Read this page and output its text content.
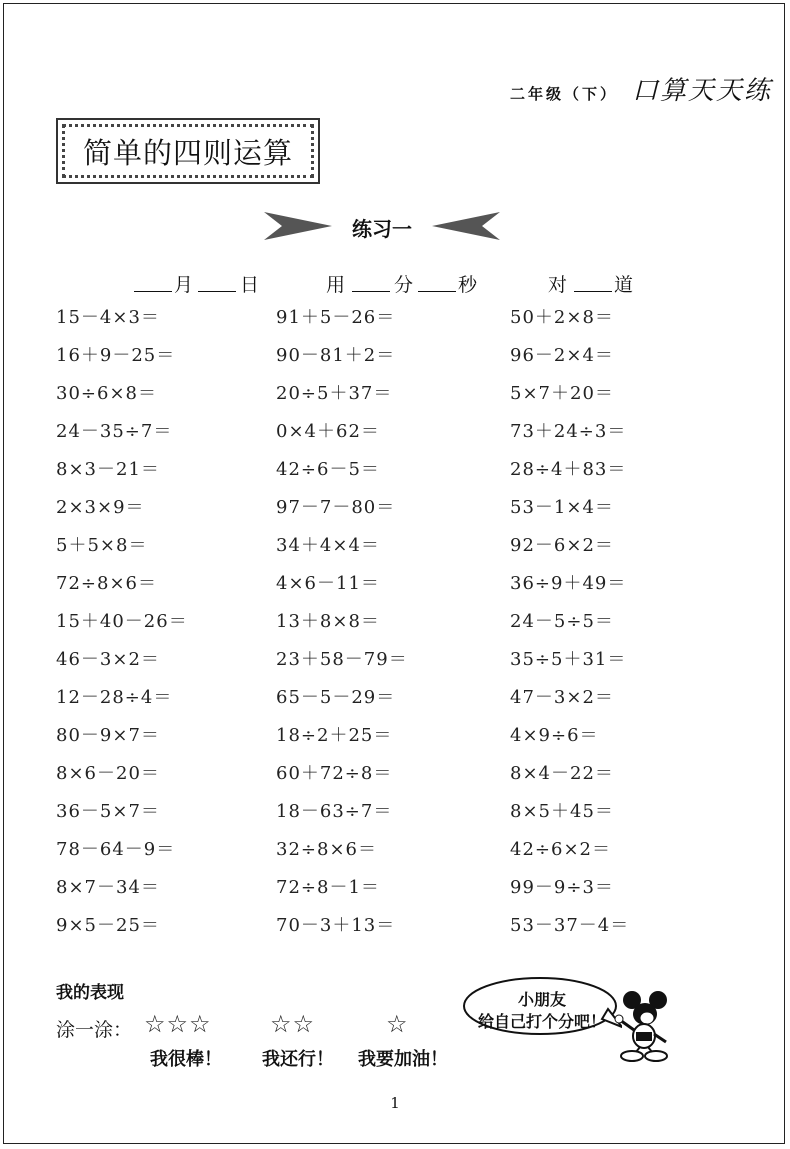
二年级（下） 口算天天练
简单的四则运算
练习一
月 日	用	分 秒	对 道
15－4×3＝	91＋5－26＝	50＋2×8＝
16＋9－25＝	90－81＋2＝	96－2×4＝
30÷6×8＝	20÷5＋37＝	5×7＋20＝
24－35÷7＝	0×4＋62＝	73＋24÷3＝
8×3－21＝	42÷6－5＝	28÷4＋83＝
2×3×9＝	97－7－80＝	53－1×4＝
5＋5×8＝	34＋4×4＝	92－6×2＝
72÷8×6＝	4×6－11＝	36÷9＋49＝
15＋40－26＝	13＋8×8＝	24－5÷5＝
46－3×2＝	23＋58－79＝	35÷5＋31＝
12－28÷4＝	65－5－29＝	47－3×2＝
80－9×7＝	18÷2＋25＝	4×9÷6＝
8×6－20＝	60＋72÷8＝	8×4－22＝
36－5×7＝	18－63÷7＝	8×5＋45＝
78－64－9＝	32÷8×6＝	42÷6×2＝
8×7－34＝	72÷8－1＝	99－9÷3＝
9×5－25＝	70－3＋13＝	53－37－4＝
我的表现
涂一涂： ☆☆☆ ☆☆	☆
我很棒！ 我还行！ 我要加油！
小朋友
给自己打个分吧！
1
